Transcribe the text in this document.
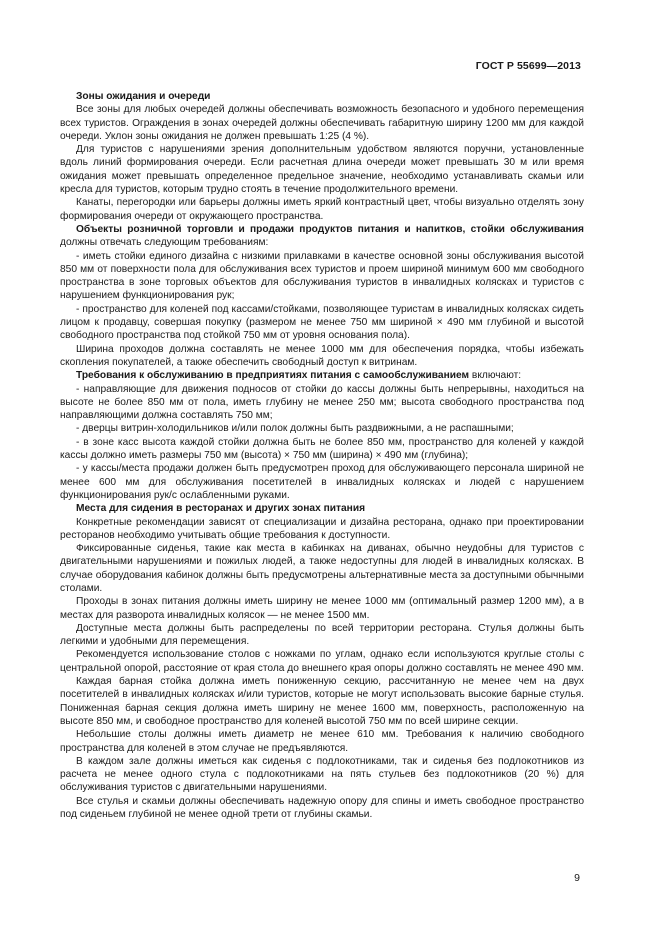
ГОСТ Р 55699—2013

Зоны ожидания и очереди

Все зоны для любых очередей должны обеспечивать возможность безопасного и удобного перемещения всех туристов. Ограждения в зонах очередей должны обеспечивать габаритную ширину 1200 мм для каждой очереди. Уклон зоны ожидания не должен превышать 1:25 (4 %).

Для туристов с нарушениями зрения дополнительным удобством являются поручни, установленные вдоль линий формирования очереди. Если расчетная длина очереди может превышать 30 м или время ожидания может превышать определенное предельное значение, необходимо устанавливать скамьи или кресла для туристов, которым трудно стоять в течение продолжительного времени.

Канаты, перегородки или барьеры должны иметь яркий контрастный цвет, чтобы визуально отделять зону формирования очереди от окружающего пространства.

Объекты розничной торговли и продажи продуктов питания и напитков, стойки обслуживания должны отвечать следующим требованиям:

- иметь стойки единого дизайна с низкими прилавками в качестве основной зоны обслуживания высотой 850 мм от поверхности пола для обслуживания всех туристов и проем шириной минимум 600 мм свободного пространства в зоне торговых объектов для обслуживания туристов в инвалидных колясках и туристов с нарушением функционирования рук;

- пространство для коленей под кассами/стойками, позволяющее туристам в инвалидных колясках сидеть лицом к продавцу, совершая покупку (размером не менее 750 мм шириной × 490 мм глубиной и высотой свободного пространства под стойкой 750 мм от уровня основания пола).

Ширина проходов должна составлять не менее 1000 мм для обеспечения порядка, чтобы избежать скопления покупателей, а также обеспечить свободный доступ к витринам.

Требования к обслуживанию в предприятиях питания с самообслуживанием включают:

- направляющие для движения подносов от стойки до кассы должны быть непрерывны, находиться на высоте не более 850 мм от пола, иметь глубину не менее 250 мм; высота свободного пространства под направляющими должна составлять 750 мм;

- дверцы витрин-холодильников и/или полок должны быть раздвижными, а не распашными;

- в зоне касс высота каждой стойки должна быть не более 850 мм, пространство для коленей у каждой кассы должно иметь размеры 750 мм (высота) × 750 мм (ширина) × 490 мм (глубина);

- у кассы/места продажи должен быть предусмотрен проход для обслуживающего персонала шириной не менее 600 мм для обслуживания посетителей в инвалидных колясках и людей с нарушением функционирования рук/с ослабленными руками.

Места для сидения в ресторанах и других зонах питания

Конкретные рекомендации зависят от специализации и дизайна ресторана, однако при проектировании ресторанов необходимо учитывать общие требования к доступности.

Фиксированные сиденья, такие как места в кабинках на диванах, обычно неудобны для туристов с двигательными нарушениями и пожилых людей, а также недоступны для людей в инвалидных колясках. В случае оборудования кабинок должны быть предусмотрены альтернативные места за доступными обычными столами.

Проходы в зонах питания должны иметь ширину не менее 1000 мм (оптимальный размер 1200 мм), а в местах для разворота инвалидных колясок — не менее 1500 мм.

Доступные места должны быть распределены по всей территории ресторана. Стулья должны быть легкими и удобными для перемещения.

Рекомендуется использование столов с ножками по углам, однако если используются круглые столы с центральной опорой, расстояние от края стола до внешнего края опоры должно составлять не менее 490 мм.

Каждая барная стойка должна иметь пониженную секцию, рассчитанную не менее чем на двух посетителей в инвалидных колясках и/или туристов, которые не могут использовать высокие барные стулья. Пониженная барная секция должна иметь ширину не менее 1600 мм, поверхность, расположенную на высоте 850 мм, и свободное пространство для коленей высотой 750 мм по всей ширине секции.

Небольшие столы должны иметь диаметр не менее 610 мм. Требования к наличию свободного пространства для коленей в этом случае не предъявляются.

В каждом зале должны иметься как сиденья с подлокотниками, так и сиденья без подлокотников из расчета не менее одного стула с подлокотниками на пять стульев без подлокотников (20 %) для обслуживания туристов с двигательными нарушениями.

Все стулья и скамьи должны обеспечивать надежную опору для спины и иметь свободное пространство под сиденьем глубиной не менее одной трети от глубины скамьи.

9
